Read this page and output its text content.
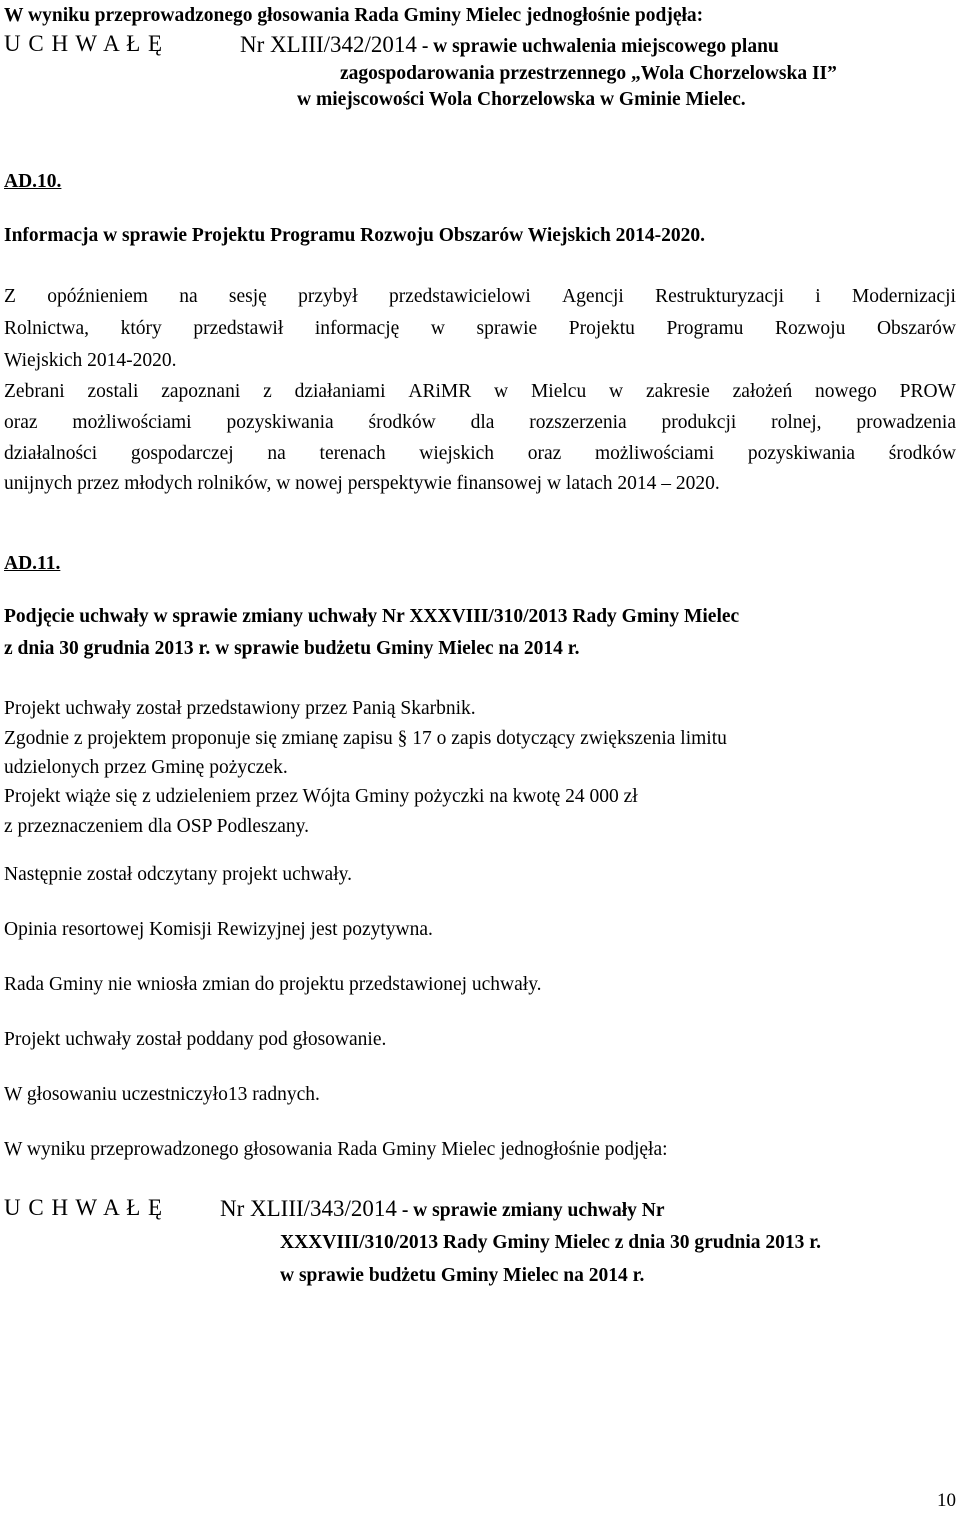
W wyniku przeprowadzonego głosowania Rada Gminy Mielec jednogłośnie podjęła:
U C H W A Ł Ę	Nr XLIII/342/2014 - w sprawie uchwalenia miejscowego planu
zagospodarowania przestrzennego „Wola Chorzelowska II”
w miejscowości Wola Chorzelowska w Gminie Mielec.
AD.10.
Informacja w sprawie Projektu Programu Rozwoju Obszarów Wiejskich 2014-2020.
Z opóźnieniem na sesję przybył przedstawicielowi Agencji Restrukturyzacji i Modernizacji
Rolnictwa, który przedstawił informację w sprawie Projektu Programu Rozwoju Obszarów
Wiejskich 2014-2020.
Zebrani zostali zapoznani z działaniami ARiMR w Mielcu w zakresie założeń nowego PROW
oraz możliwościami pozyskiwania środków dla rozszerzenia produkcji rolnej, prowadzenia
działalności gospodarczej na terenach wiejskich oraz możliwościami pozyskiwania środków
unijnych przez młodych rolników, w nowej perspektywie finansowej w latach 2014 – 2020.
AD.11.
Podjęcie uchwały w sprawie zmiany uchwały Nr XXXVIII/310/2013 Rady Gminy Mielec
z dnia 30 grudnia 2013 r. w sprawie budżetu Gminy Mielec na 2014 r.
Projekt uchwały został przedstawiony przez Panią Skarbnik.
Zgodnie z projektem proponuje się zmianę zapisu § 17 o zapis dotyczący zwiększenia limitu
udzielonych przez Gminę pożyczek.
Projekt wiąże się z udzieleniem przez Wójta Gminy pożyczki na kwotę 24 000 zł
z przeznaczeniem dla OSP Podleszany.
Następnie został odczytany projekt uchwały.
Opinia resortowej Komisji Rewizyjnej jest pozytywna.
Rada Gminy nie wniosła zmian do projektu przedstawionej uchwały.
Projekt uchwały został poddany pod głosowanie.
W głosowaniu uczestniczyło13 radnych.
W wyniku przeprowadzonego głosowania Rada Gminy Mielec jednogłośnie podjęła:
U C H W A Ł Ę Nr XLIII/343/2014 - w sprawie zmiany uchwały Nr
XXXVIII/310/2013 Rady Gminy Mielec z dnia 30 grudnia 2013 r.
w sprawie budżetu Gminy Mielec na 2014 r.
10
